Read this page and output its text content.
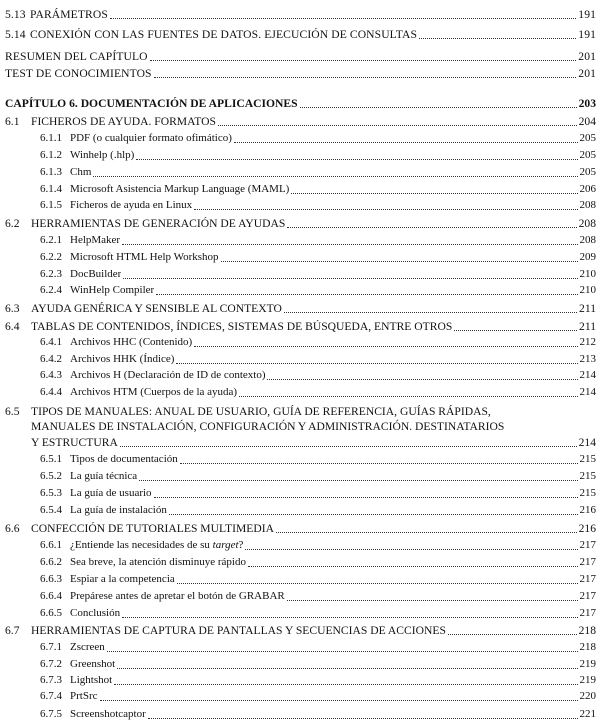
5.13 PARÁMETROS	191
5.14 CONEXIÓN CON LAS FUENTES DE DATOS. EJECUCIÓN DE CONSULTAS	191
RESUMEN DEL CAPÍTULO	201
TEST DE CONOCIMIENTOS	201
CAPÍTULO 6. DOCUMENTACIÓN DE APLICACIONES	203
6.1 FICHEROS DE AYUDA. FORMATOS	204
6.1.1 PDF (o cualquier formato ofimático)	205
6.1.2 Winhelp (.hlp)	205
6.1.3 Chm	205
6.1.4 Microsoft Asistencia Markup Language (MAML)	206
6.1.5 Ficheros de ayuda en Linux	208
6.2 HERRAMIENTAS DE GENERACIÓN DE AYUDAS	208
6.2.1 HelpMaker	208
6.2.2 Microsoft HTML Help Workshop	209
6.2.3 DocBuilder	210
6.2.4 WinHelp Compiler	210
6.3 AYUDA GENÉRICA Y SENSIBLE AL CONTEXTO	211
6.4 TABLAS DE CONTENIDOS, ÍNDICES, SISTEMAS DE BÚSQUEDA, ENTRE OTROS	211
6.4.1 Archivos HHC (Contenido)	212
6.4.2 Archivos HHK (Índice)	213
6.4.3 Archivos H (Declaración de ID de contexto)	214
6.4.4 Archivos HTM (Cuerpos de la ayuda)	214
6.5 TIPOS DE MANUALES: ANUAL DE USUARIO, GUÍA DE REFERENCIA, GUÍAS RÁPIDAS,
MANUALES DE INSTALACIÓN, CONFIGURACIÓN Y ADMINISTRACIÓN. DESTINATARIOS
Y ESTRUCTURA	214
6.5.1 Tipos de documentación	215
6.5.2 La guía técnica	215
6.5.3 La guía de usuario	215
6.5.4 La guía de instalación	216
6.6 CONFECCIÓN DE TUTORIALES MULTIMEDIA	216
6.6.1 ¿Entiende las necesidades de su target?	217
6.6.2 Sea breve, la atención disminuye rápido	217
6.6.3 Espiar a la competencia	217
6.6.4 Prepárese antes de apretar el botón de GRABAR	217
6.6.5 Conclusión	217
6.7 HERRAMIENTAS DE CAPTURA DE PANTALLAS Y SECUENCIAS DE ACCIONES	218
6.7.1 Zscreen	218
6.7.2 Greenshot	219
6.7.3 Lightshot	219
6.7.4 PrtSrc	220
6.7.5 Screenshotcaptor	221
